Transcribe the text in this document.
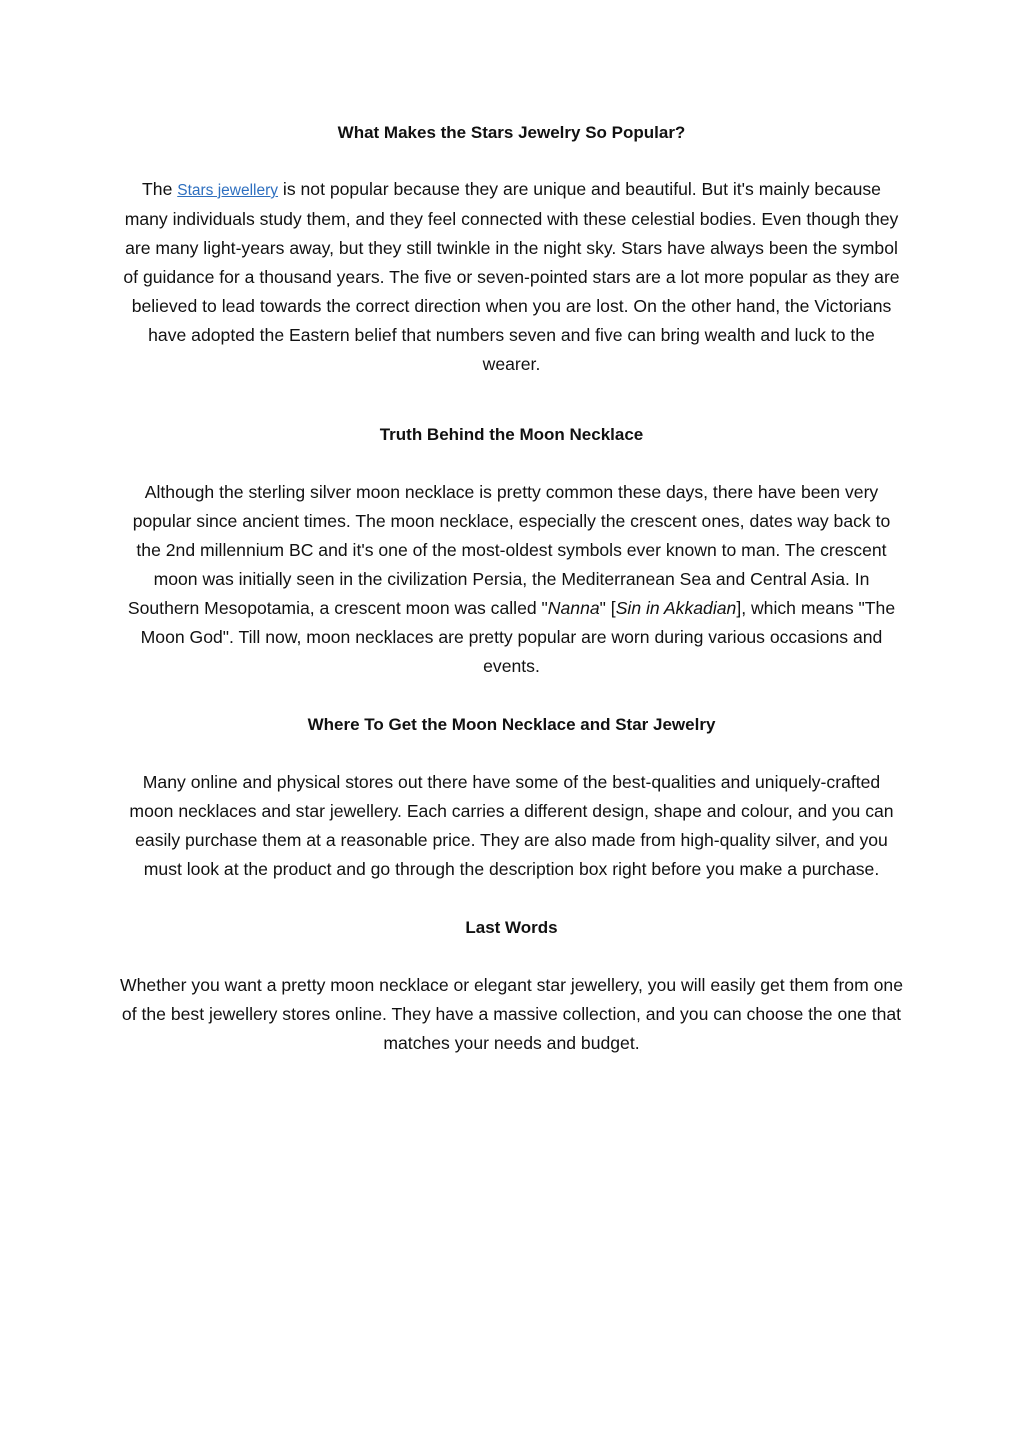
What Makes the Stars Jewelry So Popular?

The Stars jewellery is not popular because they are unique and beautiful. But it's mainly because many individuals study them, and they feel connected with these celestial bodies. Even though they are many light-years away, but they still twinkle in the night sky. Stars have always been the symbol of guidance for a thousand years. The five or seven-pointed stars are a lot more popular as they are believed to lead towards the correct direction when you are lost. On the other hand, the Victorians have adopted the Eastern belief that numbers seven and five can bring wealth and luck to the wearer.

Truth Behind the Moon Necklace

Although the sterling silver moon necklace is pretty common these days, there have been very popular since ancient times. The moon necklace, especially the crescent ones, dates way back to the 2nd millennium BC and it's one of the most-oldest symbols ever known to man. The crescent moon was initially seen in the civilization Persia, the Mediterranean Sea and Central Asia. In Southern Mesopotamia, a crescent moon was called "Nanna" [Sin in Akkadian], which means "The Moon God". Till now, moon necklaces are pretty popular are worn during various occasions and events.

Where To Get the Moon Necklace and Star Jewelry

Many online and physical stores out there have some of the best-qualities and uniquely-crafted moon necklaces and star jewellery. Each carries a different design, shape and colour, and you can easily purchase them at a reasonable price. They are also made from high-quality silver, and you must look at the product and go through the description box right before you make a purchase.

Last Words

Whether you want a pretty moon necklace or elegant star jewellery, you will easily get them from one of the best jewellery stores online. They have a massive collection, and you can choose the one that matches your needs and budget.
